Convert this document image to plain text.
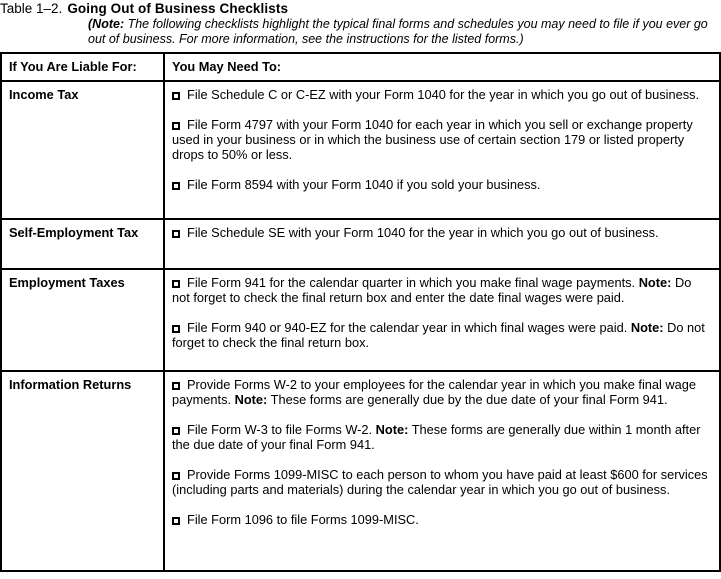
Table 1–2. Going Out of Business Checklists
(Note: The following checklists highlight the typical final forms and schedules you may need to file if you ever go out of business. For more information, see the instructions for the listed forms.)
If You Are Liable For:	You May Need To:
Income Tax	File Schedule C or C-EZ with your Form 1040 for the year in which you go out of business.

File Form 4797 with your Form 1040 for each year in which you sell or exchange property used in your business or in which the business use of certain section 179 or listed property drops to 50% or less.

File Form 8594 with your Form 1040 if you sold your business.

Self-Employment Tax	File Schedule SE with your Form 1040 for the year in which you go out of business.

Employment Taxes	File Form 941 for the calendar quarter in which you make final wage payments. Note: Do not forget to check the final return box and enter the date final wages were paid.

File Form 940 or 940-EZ for the calendar year in which final wages were paid. Note: Do not forget to check the final return box.

Information Returns	Provide Forms W-2 to your employees for the calendar year in which you make final wage payments. Note: These forms are generally due by the due date of your final Form 941.

File Form W-3 to file Forms W-2. Note: These forms are generally due within 1 month after the due date of your final Form 941.

Provide Forms 1099-MISC to each person to whom you have paid at least $600 for services (including parts and materials) during the calendar year in which you go out of business.

File Form 1096 to file Forms 1099-MISC.
